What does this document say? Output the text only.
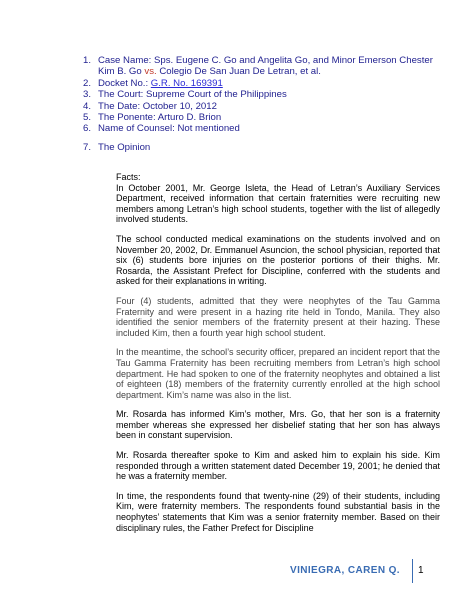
1. Case Name: Sps. Eugene C. Go and Angelita Go, and Minor Emerson Chester Kim B. Go vs. Colegio De San Juan De Letran, et al.
2. Docket No.: G.R. No. 169391
3. The Court: Supreme Court of the Philippines
4. The Date: October 10, 2012
5. The Ponente: Arturo D. Brion
6. Name of Counsel: Not mentioned
7. The Opinion

Facts:

In October 2001, Mr. George Isleta, the Head of Letran’s Auxiliary Services Department, received information that certain fraternities were recruiting new members among Letran’s high school students, together with the list of allegedly involved students.

The school conducted medical examinations on the students involved and on November 20, 2002, Dr. Emmanuel Asuncion, the school physician, reported that six (6) students bore injuries on the posterior portions of their thighs. Mr. Rosarda, the Assistant Prefect for Discipline, conferred with the students and asked for their explanations in writing.

Four (4) students, admitted that they were neophytes of the Tau Gamma Fraternity and were present in a hazing rite held in Tondo, Manila. They also identified the senior members of the fraternity present at their hazing. These included Kim, then a fourth year high school student.

In the meantime, the school’s security officer, prepared an incident report that the Tau Gamma Fraternity has been recruiting members from Letran’s high school department. He had spoken to one of the fraternity neophytes and obtained a list of eighteen (18) members of the fraternity currently enrolled at the high school department. Kim’s name was also in the list.

Mr. Rosarda has informed Kim’s mother, Mrs. Go, that her son is a fraternity member whereas she expressed her disbelief stating that her son has always been in constant supervision.

Mr. Rosarda thereafter spoke to Kim and asked him to explain his side. Kim responded through a written statement dated December 19, 2001; he denied that he was a fraternity member.

In time, the respondents found that twenty-nine (29) of their students, including Kim, were fraternity members. The respondents found substantial basis in the neophytes’ statements that Kim was a senior fraternity member. Based on their disciplinary rules, the Father Prefect for Discipline

VINIEGRA, CAREN Q. 1
